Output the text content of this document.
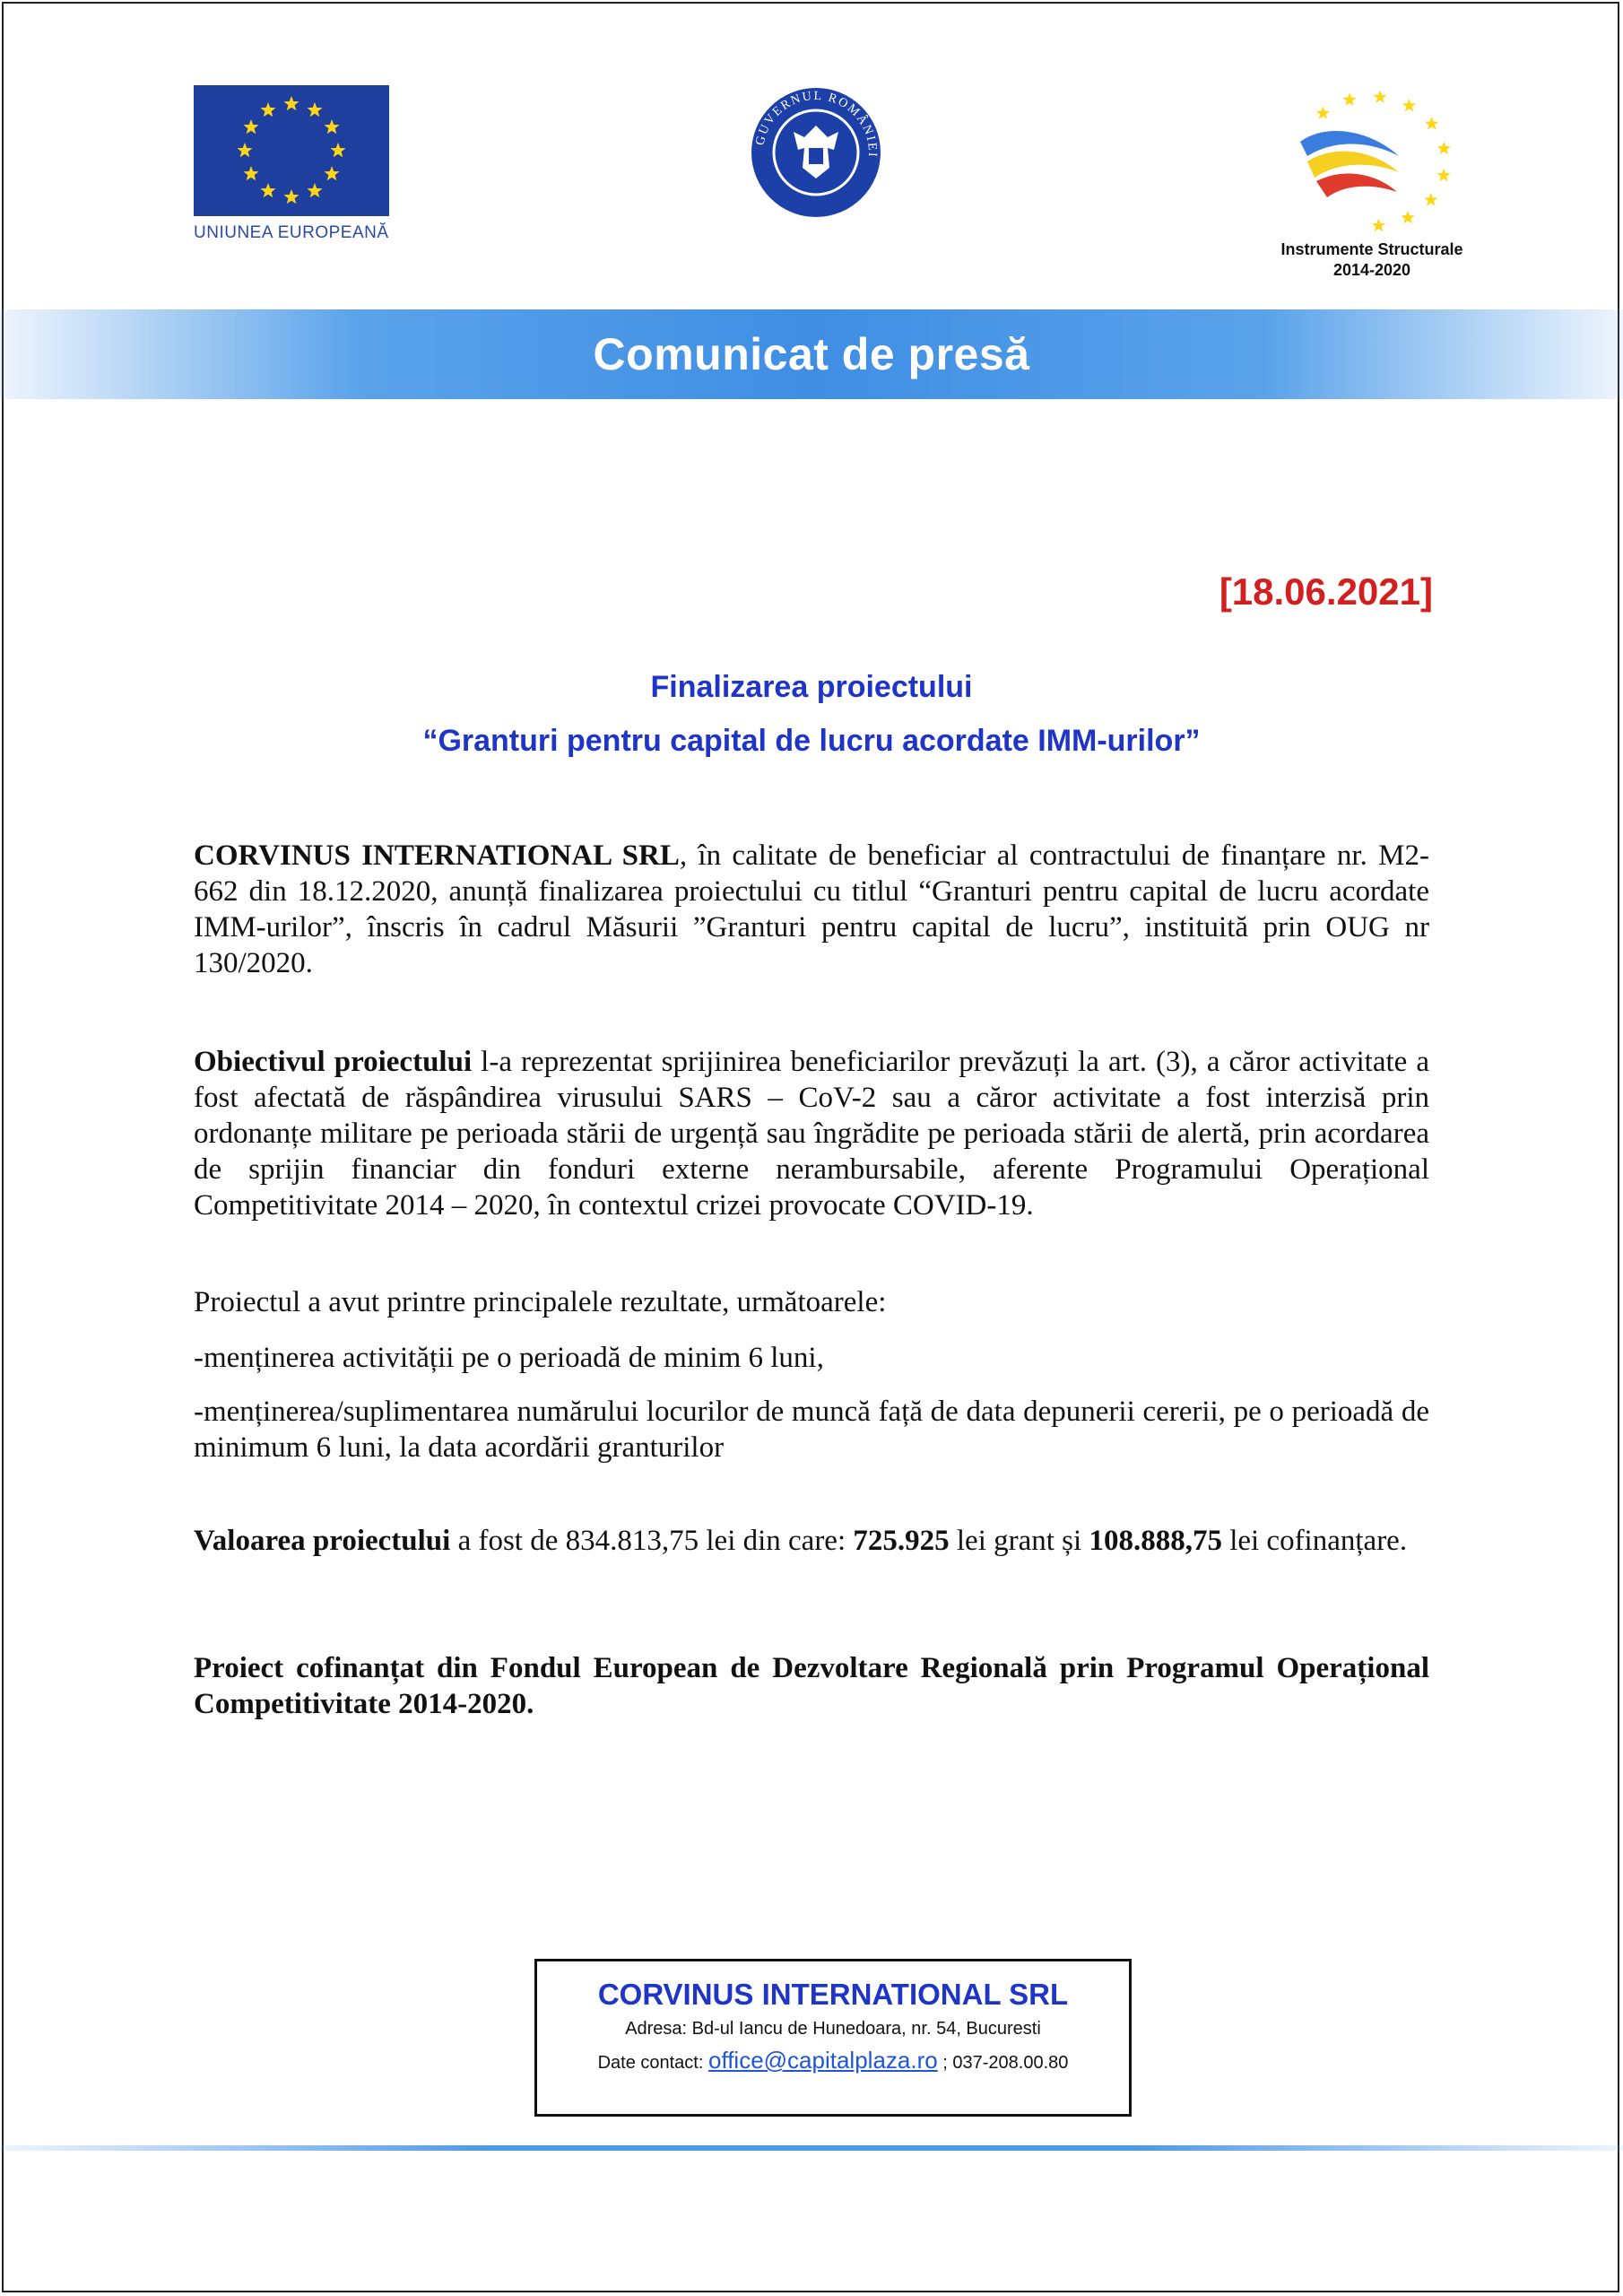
UNIUNEA EUROPEANĂ
GUVERNUL ROMÂNIEI
Instrumente Structurale
2014-2020
Comunicat de presă
[18.06.2021]
Finalizarea proiectului
“Granturi pentru capital de lucru acordate IMM-urilor”
CORVINUS INTERNATIONAL SRL, în calitate de beneficiar al contractului de finanțare nr. M2-662 din 18.12.2020, anunță finalizarea proiectului cu titlul “Granturi pentru capital de lucru acordate IMM-urilor”, înscris în cadrul Măsurii ”Granturi pentru capital de lucru”, instituită prin OUG nr 130/2020.
Obiectivul proiectului l-a reprezentat sprijinirea beneficiarilor prevăzuți la art. (3), a căror activitate a fost afectată de răspândirea virusului SARS – CoV-2 sau a căror activitate a fost interzisă prin ordonanțe militare pe perioada stării de urgență sau îngrădite pe perioada stării de alertă, prin acordarea de sprijin financiar din fonduri externe nerambursabile, aferente Programului Operațional Competitivitate 2014 – 2020, în contextul crizei provocate COVID-19.
Proiectul a avut printre principalele rezultate, următoarele:
-menținerea activității pe o perioadă de minim 6 luni,
-menținerea/suplimentarea numărului locurilor de muncă față de data depunerii cererii, pe o perioadă de minimum 6 luni, la data acordării granturilor
Valoarea proiectului a fost de 834.813,75 lei din care: 725.925 lei grant și 108.888,75 lei cofinanțare.
Proiect cofinanțat din Fondul European de Dezvoltare Regională prin Programul Operațional Competitivitate 2014-2020.
CORVINUS INTERNATIONAL SRL
Adresa: Bd-ul Iancu de Hunedoara, nr. 54, Bucuresti
Date contact: office@capitalplaza.ro ; 037-208.00.80
